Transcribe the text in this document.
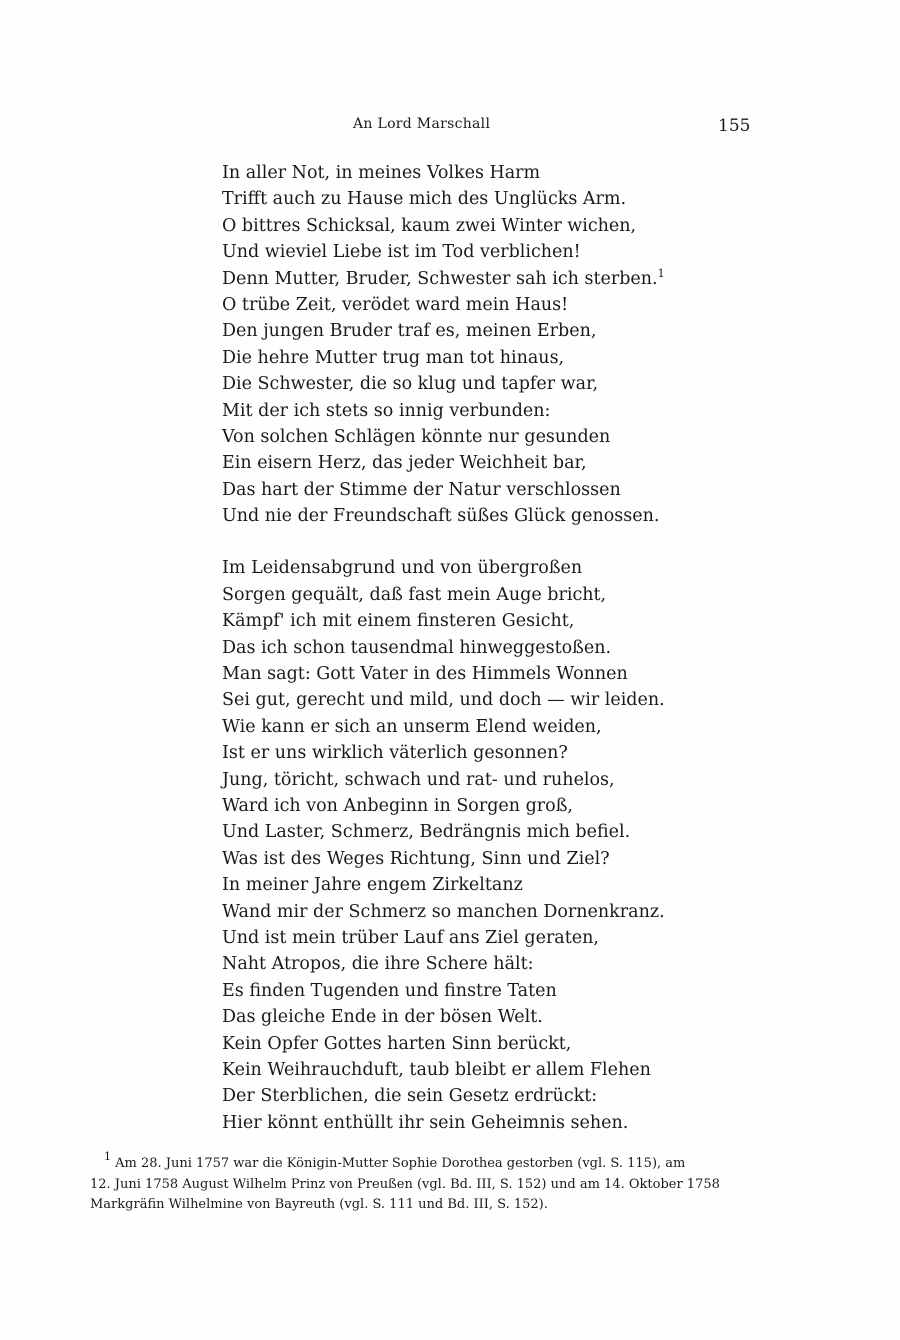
An Lord Marschall	155
In aller Not, in meines Volkes Harm
Trifft auch zu Hause mich des Unglücks Arm.
O bittres Schicksal, kaum zwei Winter wichen,
Und wieviel Liebe ist im Tod verblichen!
Denn Mutter, Bruder, Schwester sah ich sterben.$^1$
O trübe Zeit, verödet ward mein Haus!
Den jungen Bruder traf es, meinen Erben,
Die hehre Mutter trug man tot hinaus,
Die Schwester, die so klug und tapfer war,
Mit der ich stets so innig verbunden:
Von solchen Schlägen könnte nur gesunden
Ein eisern Herz, das jeder Weichheit bar,
Das hart der Stimme der Natur verschlossen
Und nie der Freundschaft süßes Glück genossen.
Im Leidensabgrund und von übergroßen
Sorgen gequält, daß fast mein Auge bricht,
Kämpf' ich mit einem finsteren Gesicht,
Das ich schon tausendmal hinweggestoßen.
Man sagt: Gott Vater in des Himmels Wonnen
Sei gut, gerecht und mild, und doch — wir leiden.
Wie kann er sich an unserm Elend weiden,
Ist er uns wirklich väterlich gesonnen?
Jung, töricht, schwach und rat- und ruhelos,
Ward ich von Anbeginn in Sorgen groß,
Und Laster, Schmerz, Bedrängnis mich befiel.
Was ist des Weges Richtung, Sinn und Ziel?
In meiner Jahre engem Zirkeltanz
Wand mir der Schmerz so manchen Dornenkranz.
Und ist mein trüber Lauf ans Ziel geraten,
Naht Atropos, die ihre Schere hält:
Es finden Tugenden und finstre Taten
Das gleiche Ende in der bösen Welt.
Kein Opfer Gottes harten Sinn berückt,
Kein Weihrauchduft, taub bleibt er allem Flehen
Der Sterblichen, die sein Gesetz erdrückt:
Hier könnt enthüllt ihr sein Geheimnis sehen.
$^1$ Am 28. Juni 1757 war die Königin-Mutter Sophie Dorothea gestorben (vgl. S. 115), am
12. Juni 1758 August Wilhelm Prinz von Preußen (vgl. Bd. III, S. 152) und am 14. Oktober 1758
Markgräfin Wilhelmine von Bayreuth (vgl. S. 111 und Bd. III, S. 152).
